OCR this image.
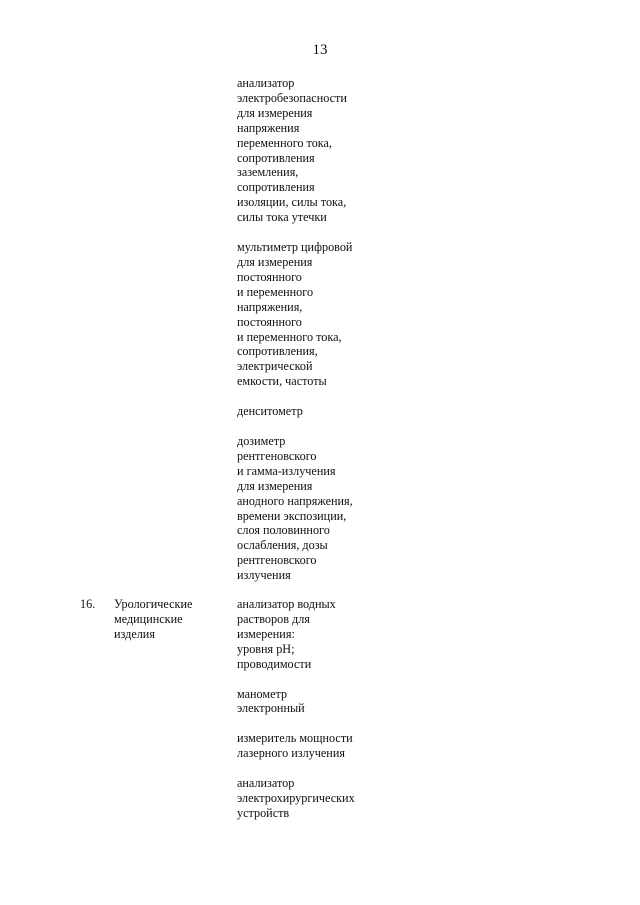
13
анализатор
электробезопасности
для измерения
напряжения
переменного тока,
сопротивления
заземления,
сопротивления
изоляции, силы тока,
силы тока утечки
мультиметр цифровой
для измерения
постоянного
и переменного
напряжения,
постоянного
и переменного тока,
сопротивления,
электрической
емкости, частоты
денситометр
дозиметр
рентгеновского
и гамма-излучения
для измерения
анодного напряжения,
времени экспозиции,
слоя половинного
ослабления, дозы
рентгеновского
излучения
16. Урологические
медицинские
изделия
анализатор водных
растворов для
измерения:
уровня pH;
проводимости
манометр
электронный
измеритель мощности
лазерного излучения
анализатор
электрохирургических
устройств
